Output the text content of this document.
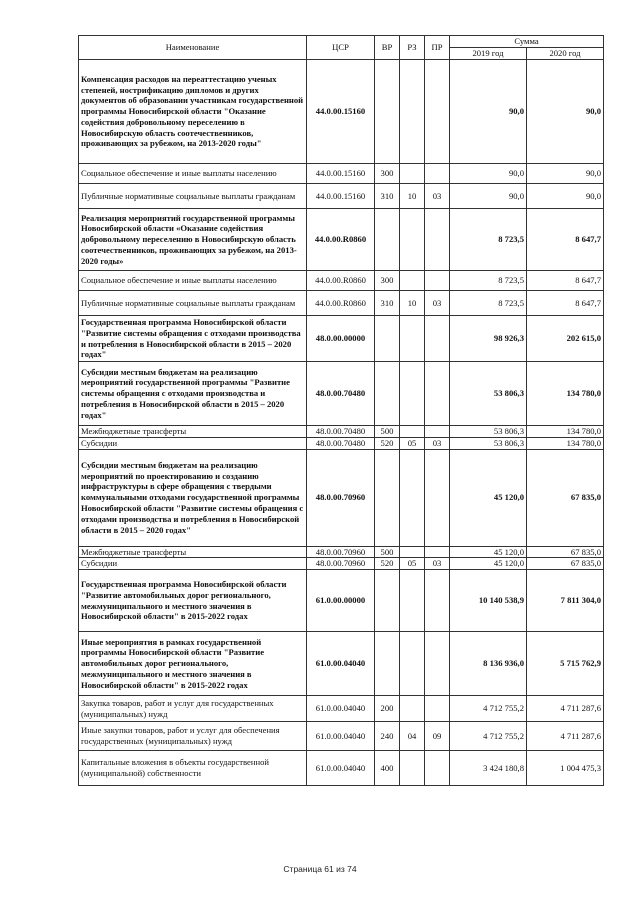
Наименование	ЦСР	ВР	РЗ	ПР	Сумма	
					2019 год	2020 год
Компенсация расходов на переаттестацию ученых степеней, нострификацию дипломов и других документов об образовании участникам государственной программы Новосибирской области "Оказание содействия добровольному переселению в Новосибирскую область соотечественников, проживающих за рубежом, на 2013-2020 годы"	44.0.00.15160				90,0	90,0
Социальное обеспечение и иные выплаты населению	44.0.00.15160	300			90,0	90,0
Публичные нормативные социальные выплаты гражданам	44.0.00.15160	310	10	03	90,0	90,0
Реализация мероприятий государственной программы Новосибирской области «Оказание содействия добровольному переселению в Новосибирскую область соотечественников, проживающих за рубежом, на 2013-2020 годы»	44.0.00.R0860				8 723,5	8 647,7
Социальное обеспечение и иные выплаты населению	44.0.00.R0860	300			8 723,5	8 647,7
Публичные нормативные социальные выплаты гражданам	44.0.00.R0860	310	10	03	8 723,5	8 647,7
Государственная программа Новосибирской области "Развитие системы обращения с отходами производства и потребления в Новосибирской области в 2015 – 2020 годах"	48.0.00.00000				98 926,3	202 615,0
Субсидии местным бюджетам на реализацию мероприятий государственной программы "Развитие системы обращения с отходами производства и потребления в Новосибирской области в 2015 – 2020 годах"	48.0.00.70480				53 806,3	134 780,0
Межбюджетные трансферты	48.0.00.70480	500			53 806,3	134 780,0
Субсидии	48.0.00.70480	520	05	03	53 806,3	134 780,0
Субсидии местным бюджетам на реализацию мероприятий по проектированию и созданию инфраструктуры в сфере обращения с твердыми коммунальными отходами государственной программы Новосибирской области "Развитие системы обращения с отходами производства и потребления в Новосибирской области в 2015 – 2020 годах"	48.0.00.70960				45 120,0	67 835,0
Межбюджетные трансферты	48.0.00.70960	500			45 120,0	67 835,0
Субсидии	48.0.00.70960	520	05	03	45 120,0	67 835,0
Государственная программа Новосибирской области "Развитие автомобильных дорог регионального, межмуниципального и местного значения в Новосибирской области" в 2015-2022 годах	61.0.00.00000				10 140 538,9	7 811 304,0
Иные мероприятия в рамках государственной программы Новосибирской области "Развитие автомобильных дорог регионального, межмуниципального и местного значения в Новосибирской области" в 2015-2022 годах	61.0.00.04040				8 136 936,0	5 715 762,9
Закупка товаров, работ и услуг для государственных (муниципальных) нужд	61.0.00.04040	200			4 712 755,2	4 711 287,6
Иные закупки товаров, работ и услуг для обеспечения государственных (муниципальных) нужд	61.0.00.04040	240	04	09	4 712 755,2	4 711 287,6
Капитальные вложения в объекты государственной (муниципальной) собственности	61.0.00.04040	400			3 424 180,8	1 004 475,3
Страница 61 из 74
